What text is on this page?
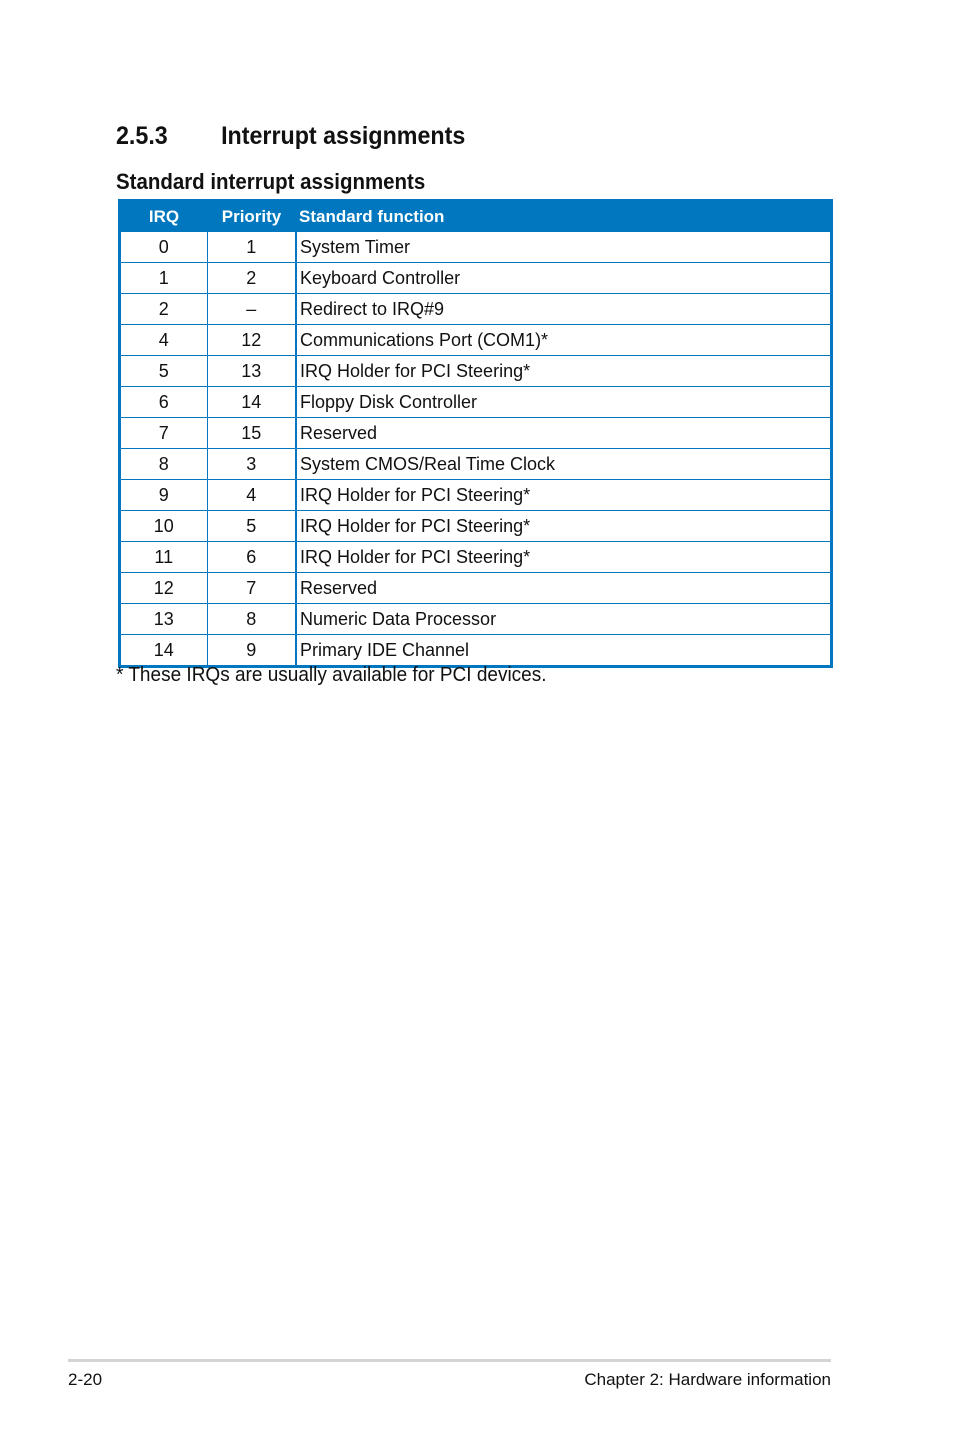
2.5.3 Interrupt assignments
Standard interrupt assignments
IRQ	Priority	Standard function
0	1	System Timer
1	2	Keyboard Controller
2	–	Redirect to IRQ#9
4	12	Communications Port (COM1)*
5	13	IRQ Holder for PCI Steering*
6	14	Floppy Disk Controller
7	15	Reserved
8	3	System CMOS/Real Time Clock
9	4	IRQ Holder for PCI Steering*
10	5	IRQ Holder for PCI Steering*
11	6	IRQ Holder for PCI Steering*
12	7	Reserved
13	8	Numeric Data Processor
14	9	Primary IDE Channel

* These IRQs are usually available for PCI devices.

2-20	Chapter 2: Hardware information
